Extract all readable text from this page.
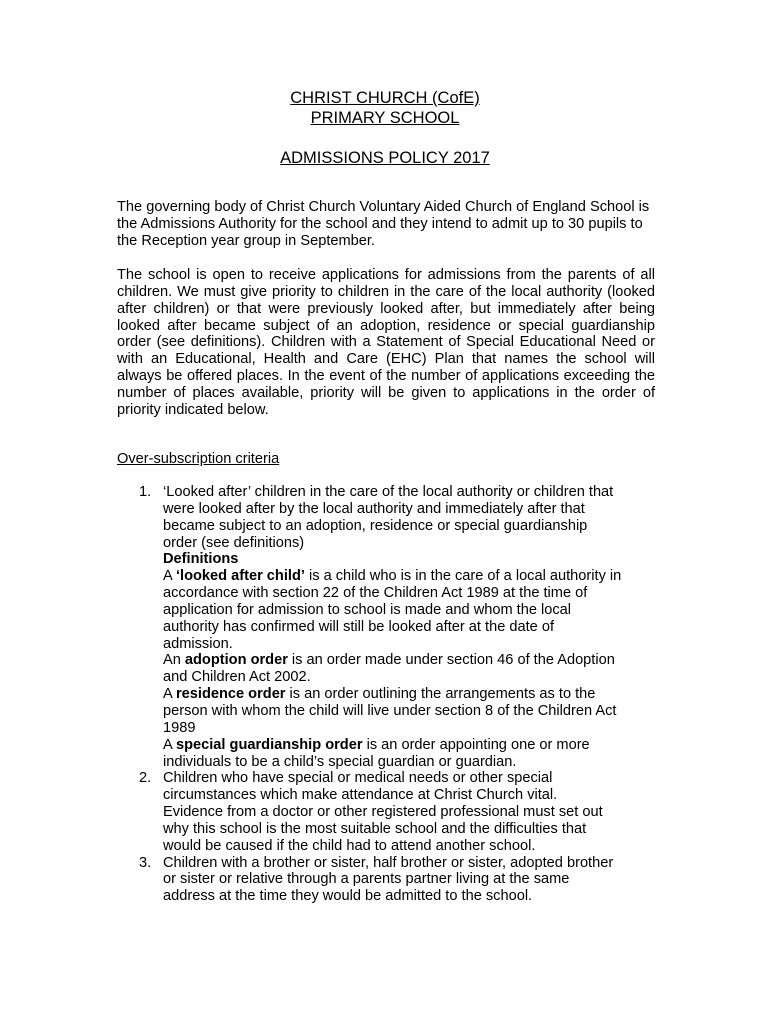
CHRIST CHURCH (CofE)
PRIMARY SCHOOL
ADMISSIONS POLICY 2017
The governing body of Christ Church Voluntary Aided Church of England School is the Admissions Authority for the school and they intend to admit up to 30 pupils to the Reception year group in September.
The school is open to receive applications for admissions from the parents of all children. We must give priority to children in the care of the local authority (looked after children) or that were previously looked after, but immediately after being looked after became subject of an adoption, residence or special guardianship order (see definitions). Children with a Statement of Special Educational Need or with an Educational, Health and Care (EHC) Plan that names the school will always be offered places. In the event of the number of applications exceeding the number of places available, priority will be given to applications in the order of priority indicated below.
Over-subscription criteria
1. ‘Looked after’ children in the care of the local authority or children that
were looked after by the local authority and immediately after that
became subject to an adoption, residence or special guardianship
order (see definitions)
Definitions
A ‘looked after child’ is a child who is in the care of a local authority in
accordance with section 22 of the Children Act 1989 at the time of
application for admission to school is made and whom the local
authority has confirmed will still be looked after at the date of
admission.
An adoption order is an order made under section 46 of the Adoption
and Children Act 2002.
A residence order is an order outlining the arrangements as to the
person with whom the child will live under section 8 of the Children Act
1989
A special guardianship order is an order appointing one or more
individuals to be a child’s special guardian or guardian.
2. Children who have special or medical needs or other special
circumstances which make attendance at Christ Church vital.
Evidence from a doctor or other registered professional must set out
why this school is the most suitable school and the difficulties that
would be caused if the child had to attend another school.
3. Children with a brother or sister, half brother or sister, adopted brother
or sister or relative through a parents partner living at the same
address at the time they would be admitted to the school.
